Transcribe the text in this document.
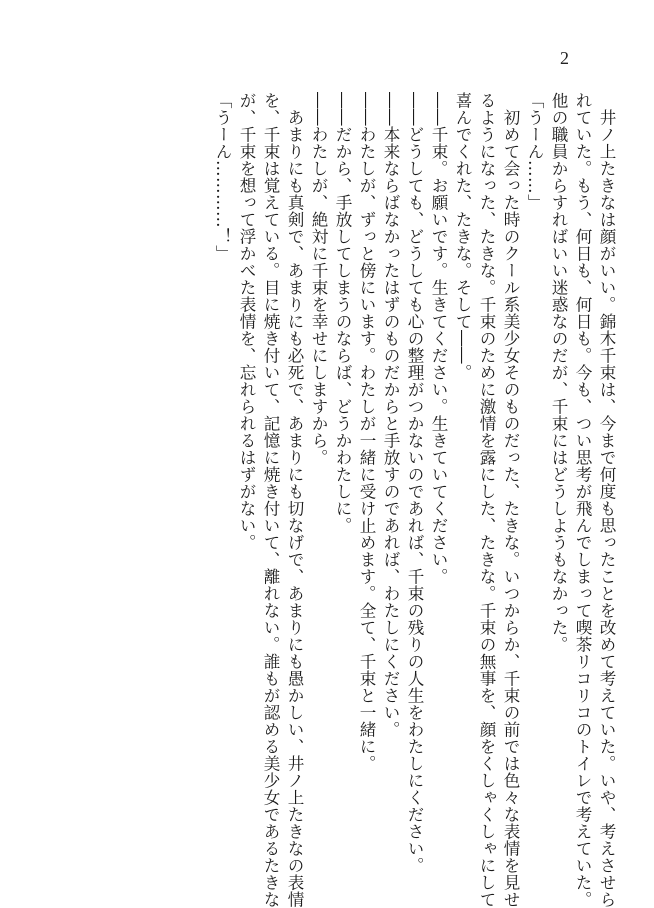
2
井ノ上たきなは顔がいい。錦木千束は、今まで何度も思ったことを改めて考えていた。いや、考えさせら
れていた。もう、何日も、何日も。今も、つい思考が飛んでしまって喫茶リコリコのトイレで考えていた。
他の職員からすればいい迷惑なのだが、千束にはどうしようもなかった。
「うーん……」
初めて会った時のクール系美少女そのものだった、たきな。いつからか、千束の前では色々な表情を見せ
るようになった、たきな。千束のために激情を露にした、たきな。千束の無事を、顔をくしゃくしゃにして
喜んでくれた、たきな。そして――。
――千束。お願いです。生きてください。生きていてください。
――どうしても、どうしても心の整理がつかないのであれば、千束の残りの人生をわたしにください。
――本来ならばなかったはずのものだからと手放すのであれば、わたしにください。
――わたしが、ずっと傍にいます。わたしが一緒に受け止めます。全て、千束と一緒に。
――だから、手放してしまうのならば、どうかわたしに。
――わたしが、絶対に千束を幸せにしますから。
あまりにも真剣で、あまりにも必死で、あまりにも切なげで、あまりにも愚かしい、井ノ上たきなの表情
を、千束は覚えている。目に焼き付いて、記憶に焼き付いて、離れない。誰もが認める美少女であるたきな
が、千束を想って浮かべた表情を、忘れられるはずがない。
「うーん…………！」
